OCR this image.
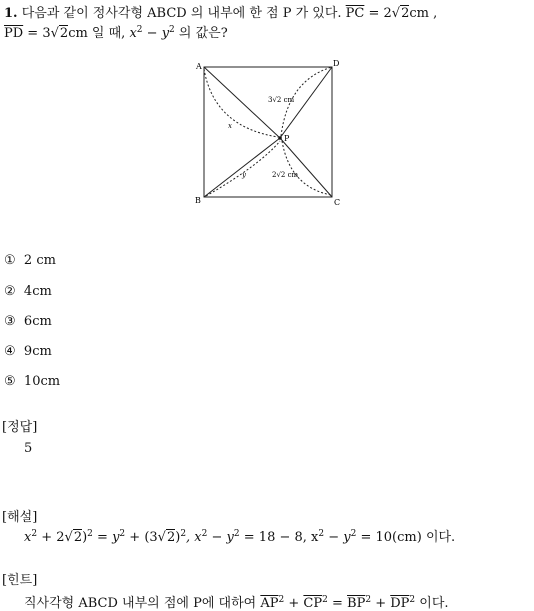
1. 다음과 같이 정사각형 ABCD 의 내부에 한 점 P 가 있다. $\overline{PC} = 2√2cm$ ,
$\overline{PD} = 3√2cm$ 일 때, $x^2 - y^2$ 의 값은?
A
B	C
D
P
3√2 cm
2√2 cm
x
y
① 2 cm
② 4cm
③ 6cm
④ 9cm
⑤ 10cm
[정답]
5
[해설]
$x^2 + 2√2)^2 = y^2 + (3√2)^2$, $x^2 - y^2 = 18 - 8$, $x^2 - y^2 = 10(cm)$ 이다.
[힌트]
직사각형 ABCD 내부의 점에 P에 대하여 $\overline{AP}^2 + \overline{CP}^2 = \overline{BP}^2 + \overline{DP}^2$ 이다.
